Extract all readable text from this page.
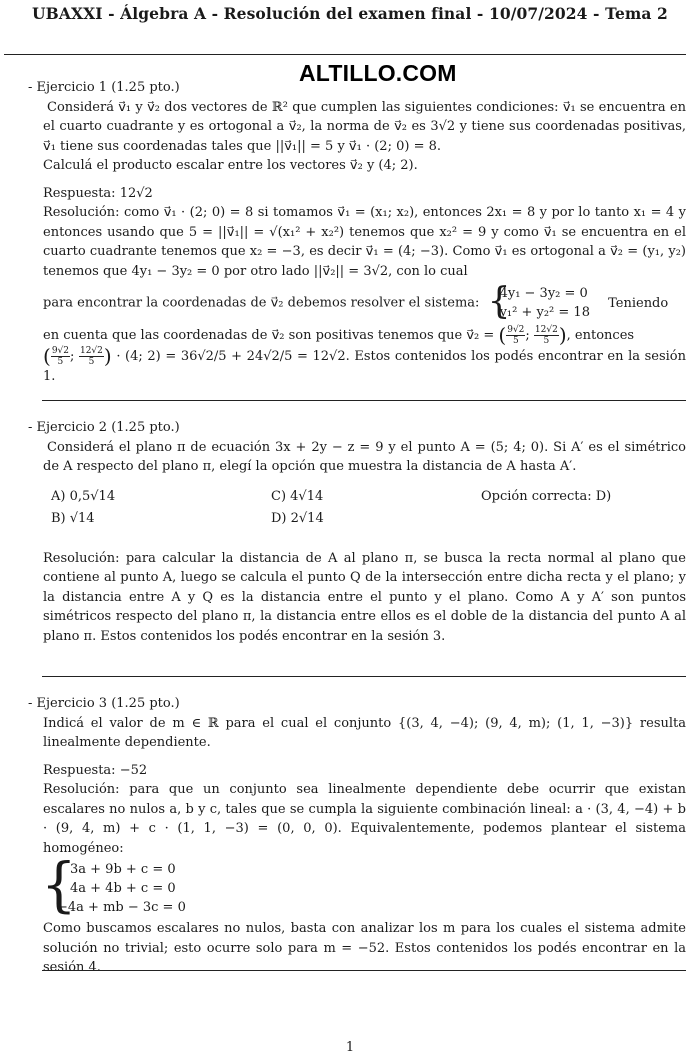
UBAXXI - Álgebra A - Resolución del examen final - 10/07/2024 - Tema 2
ALTILLO.COM

- Ejercicio 1 (1.25 pto.)

Considerá v⃗₁ y v⃗₂ dos vectores de ℝ² que cumplen las siguientes condiciones: v⃗₁ se encuentra en el cuarto cuadrante y es ortogonal a v⃗₂, la norma de v⃗₂ es 3√2 y tiene sus coordenadas positivas, v⃗₁ tiene sus coordenadas tales que ||v⃗₁|| = 5 y v⃗₁ · (2; 0) = 8.

Calculá el producto escalar entre los vectores v⃗₂ y (4; 2).

Respuesta: 12√2

Resolución: como v⃗₁ · (2; 0) = 8 si tomamos v⃗₁ = (x₁; x₂), entonces 2x₁ = 8 y por lo tanto x₁ = 4 y entonces usando que 5 = ||v⃗₁|| = √(x₁² + x₂²) tenemos que x₂² = 9 y como v⃗₁ se encuentra en el cuarto cuadrante tenemos que x₂ = −3, es decir v⃗₁ = (4; −3). Como v⃗₁ es ortogonal a v⃗₂ = (y₁, y₂) tenemos que 4y₁ − 3y₂ = 0 por otro lado ||v⃗₂|| = 3√2, con lo cual

para encontrar la coordenadas de v⃗₂ debemos resolver el sistema: {
4y₁ − 3y₂ = 0
y₁² + y₂² = 18
Teniendo

en cuenta que las coordenadas de v⃗₂ son positivas tenemos que v⃗₂ = ( $\frac{9√2}{5}$ ; $\frac{12√2}{5}$ ), entonces

( $\frac{9√2}{5}$ ; $\frac{12√2}{5}$ ) · (4; 2) = 36√2/5 + 24√2/5 = 12√2. Estos contenidos los podés encontrar en la sesión 1.

- Ejercicio 2 (1.25 pto.)

Considerá el plano π de ecuación 3x + 2y − z = 9 y el punto A = (5; 4; 0). Si A′ es el simétrico de A respecto del plano π, elegí la opción que muestra la distancia de A hasta A′.

A) 0,5√14
B) √14
C) 4√14
D) 2√14
Opción correcta: D)

Resolución: para calcular la distancia de A al plano π, se busca la recta normal al plano que contiene al punto A, luego se calcula el punto Q de la intersección entre dicha recta y el plano; y la distancia entre A y Q es la distancia entre el punto y el plano. Como A y A′ son puntos simétricos respecto del plano π, la distancia entre ellos es el doble de la distancia del punto A al plano π. Estos contenidos los podés encontrar en la sesión 3.

- Ejercicio 3 (1.25 pto.)

Indicá el valor de m ∈ ℝ para el cual el conjunto {(3, 4, −4); (9, 4, m); (1, 1, −3)} resulta linealmente dependiente.

Respuesta: −52

Resolución: para que un conjunto sea linealmente dependiente debe ocurrir que existan escalares no nulos a, b y c, tales que se cumpla la siguiente combinación lineal: a · (3, 4, −4) + b · (9, 4, m) + c · (1, 1, −3) = (0, 0, 0). Equivalentemente, podemos plantear el sistema homogéneo:

{
3a + 9b + c = 0
4a + 4b + c = 0
−4a + mb − 3c = 0

Como buscamos escalares no nulos, basta con analizar los m para los cuales el sistema admite solución no trivial; esto ocurre solo para m = −52. Estos contenidos los podés encontrar en la sesión 4.

1
